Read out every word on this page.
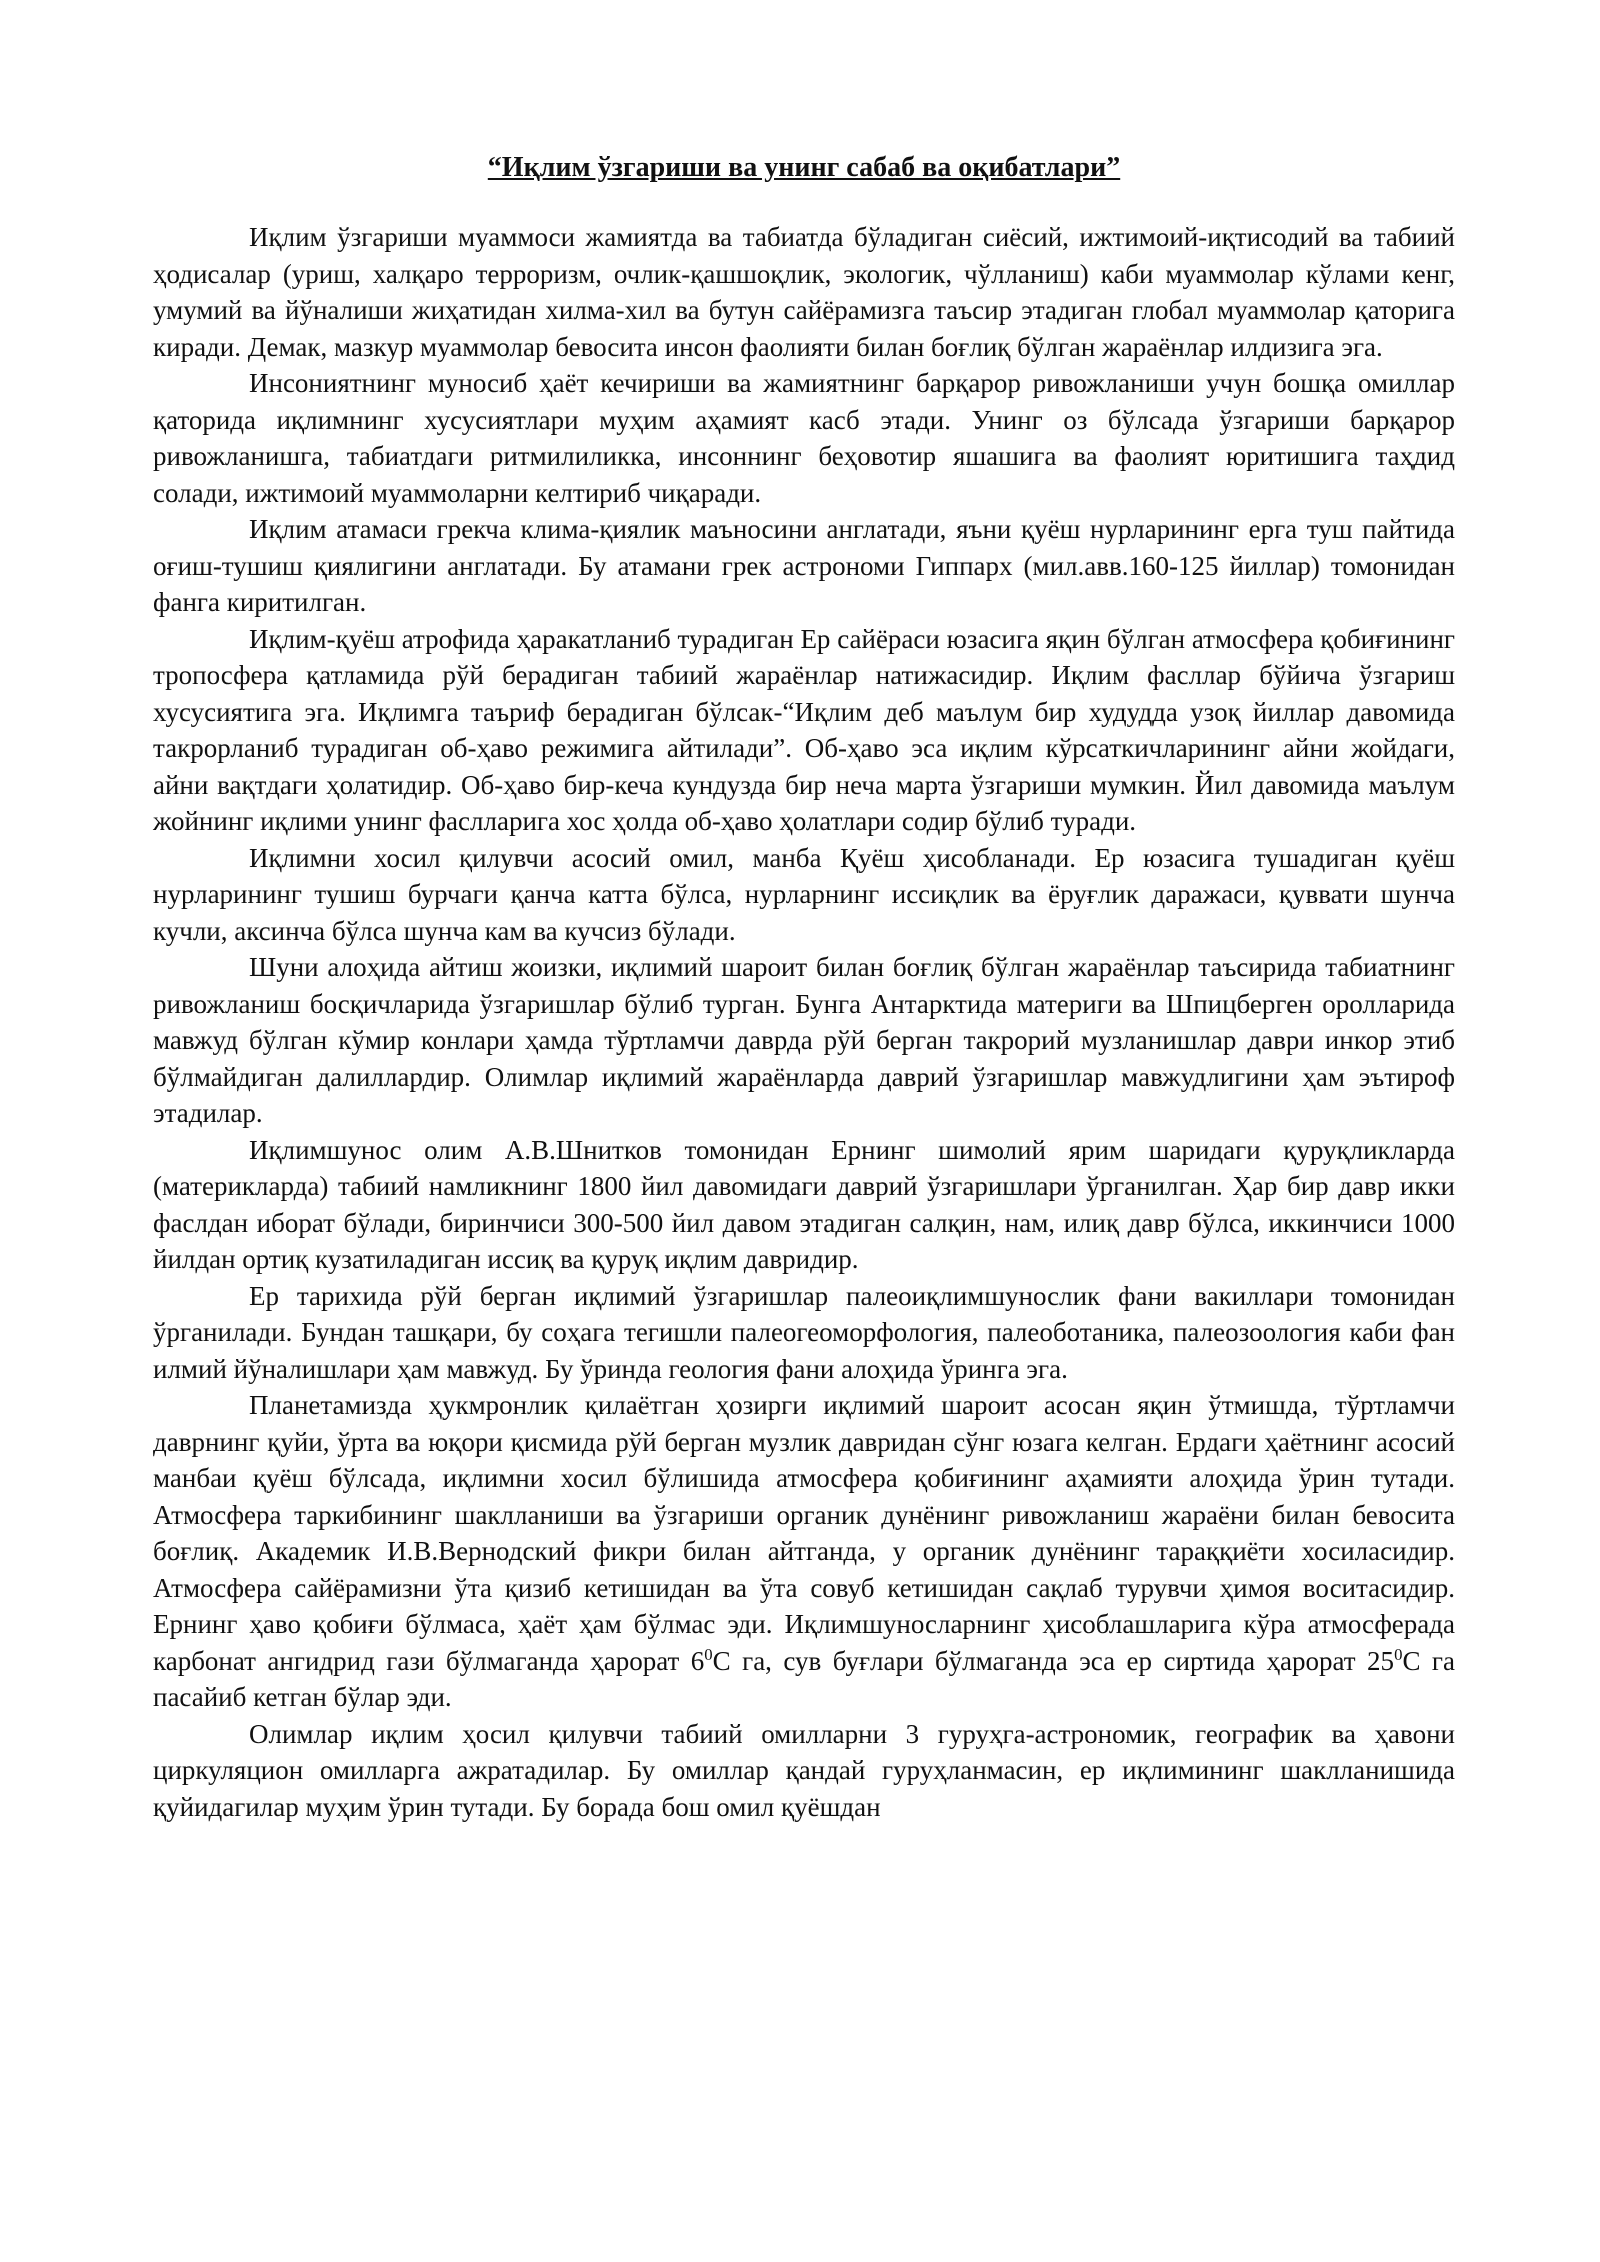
“Иқлим ўзгариши ва унинг сабаб ва оқибатлари”

Иқлим ўзгариши муаммоси жамиятда ва табиатда бўладиган сиёсий, ижтимоий-иқтисодий ва табиий ҳодисалар (уриш, халқаро терроризм, очлик-қашшоқлик, экологик, чўлланиш) каби муаммолар кўлами кенг, умумий ва йўналиши жиҳатидан хилма-хил ва бутун сайёрамизга таъсир этадиган глобал муаммолар қаторига киради. Демак, мазкур муаммолар бевосита инсон фаолияти билан боғлиқ бўлган жараёнлар илдизига эга.

Инсониятнинг муносиб ҳаёт кечириши ва жамиятнинг барқарор ривожланиши учун бошқа омиллар қаторида иқлимнинг хусусиятлари муҳим аҳамият касб этади. Унинг оз бўлсада ўзгариши барқарор ривожланишга, табиатдаги ритмилиликка, инсоннинг беҳовотир яшашига ва фаолият юритишига таҳдид солади, ижтимоий муаммоларни келтириб чиқаради.

Иқлим атамаси грекча клима-қиялик маъносини англатади, яъни қуёш нурларининг ерга туш пайтида оғиш-тушиш қиялигини англатади. Бу атамани грек астрономи Гиппарх (мил.авв.160-125 йиллар) томонидан фанга киритилган.

Иқлим-қуёш атрофида ҳаракатланиб турадиган Ер сайёраси юзасига яқин бўлган атмосфера қобиғининг тропосфера қатламида рўй берадиган табиий жараёнлар натижасидир. Иқлим фасллар бўйича ўзгариш хусусиятига эга. Иқлимга таъриф берадиган бўлсак-“Иқлим деб маълум бир худудда узоқ йиллар давомида такрорланиб турадиган об-ҳаво режимига айтилади”. Об-ҳаво эса иқлим кўрсаткичларининг айни жойдаги, айни вақтдаги ҳолатидир. Об-ҳаво бир-кеча кундузда бир неча марта ўзгариши мумкин. Йил давомида маълум жойнинг иқлими унинг фаслларига хос ҳолда об-ҳаво ҳолатлари содир бўлиб туради.

Иқлимни хосил қилувчи асосий омил, манба Қуёш ҳисобланади. Ер юзасига тушадиган қуёш нурларининг тушиш бурчаги қанча катта бўлса, нурларнинг иссиқлик ва ёруғлик даражаси, қуввати шунча кучли, аксинча бўлса шунча кам ва кучсиз бўлади.

Шуни алоҳида айтиш жоизки, иқлимий шароит билан боғлиқ бўлган жараёнлар таъсирида табиатнинг ривожланиш босқичларида ўзгаришлар бўлиб турган. Бунга Антарктида материги ва Шпицберген оролларида мавжуд бўлган кўмир конлари ҳамда тўртламчи даврда рўй берган такрорий музланишлар даври инкор этиб бўлмайдиган далиллардир. Олимлар иқлимий жараёнларда даврий ўзгаришлар мавжудлигини ҳам эътироф этадилар.

Иқлимшунос олим А.В.Шнитков томонидан Ернинг шимолий ярим шаридаги қуруқликларда (материкларда) табиий намликнинг 1800 йил давомидаги даврий ўзгаришлари ўрганилган. Ҳар бир давр икки фаслдан иборат бўлади, биринчиси 300-500 йил давом этадиган салқин, нам, илиқ давр бўлса, иккинчиси 1000 йилдан ортиқ кузатиладиган иссиқ ва қуруқ иқлим давридир.

Ер тарихида рўй берган иқлимий ўзгаришлар палеоиқлимшунослик фани вакиллари томонидан ўрганилади. Бундан ташқари, бу соҳага тегишли палеогеоморфология, палеоботаника, палеозоология каби фан илмий йўналишлари ҳам мавжуд. Бу ўринда геология фани алоҳида ўринга эга.

Планетамизда ҳукмронлик қилаётган ҳозирги иқлимий шароит асосан яқин ўтмишда, тўртламчи даврнинг қуйи, ўрта ва юқори қисмида рўй берган музлик давридан сўнг юзага келган. Ердаги ҳаётнинг асосий манбаи қуёш бўлсада, иқлимни хосил бўлишида атмосфера қобиғининг аҳамияти алоҳида ўрин тутади. Атмосфера таркибининг шаклланиши ва ўзгариши органик дунёнинг ривожланиш жараёни билан бевосита боғлиқ. Академик И.В.Вернодский фикри билан айтганда, у органик дунёнинг тараққиёти хосиласидир. Атмосфера сайёрамизни ўта қизиб кетишидан ва ўта совуб кетишидан сақлаб турувчи ҳимоя воситасидир. Ернинг ҳаво қобиғи бўлмаса, ҳаёт ҳам бўлмас эди. Иқлимшуносларнинг ҳисоблашларига кўра атмосферада карбонат ангидрид гази бўлмаганда ҳарорат $6^0С$ га, сув буғлари бўлмаганда эса ер сиртида ҳарорат $25^0С$ га пасайиб кетган бўлар эди.

Олимлар иқлим ҳосил қилувчи табиий омилларни 3 гуруҳга-астрономик, географик ва ҳавони циркуляцион омилларга ажратадилар. Бу омиллар қандай гуруҳланмасин, ер иқлимининг шаклланишида қуйидагилар муҳим ўрин тутади. Бу борада бош омил қуёшдан
